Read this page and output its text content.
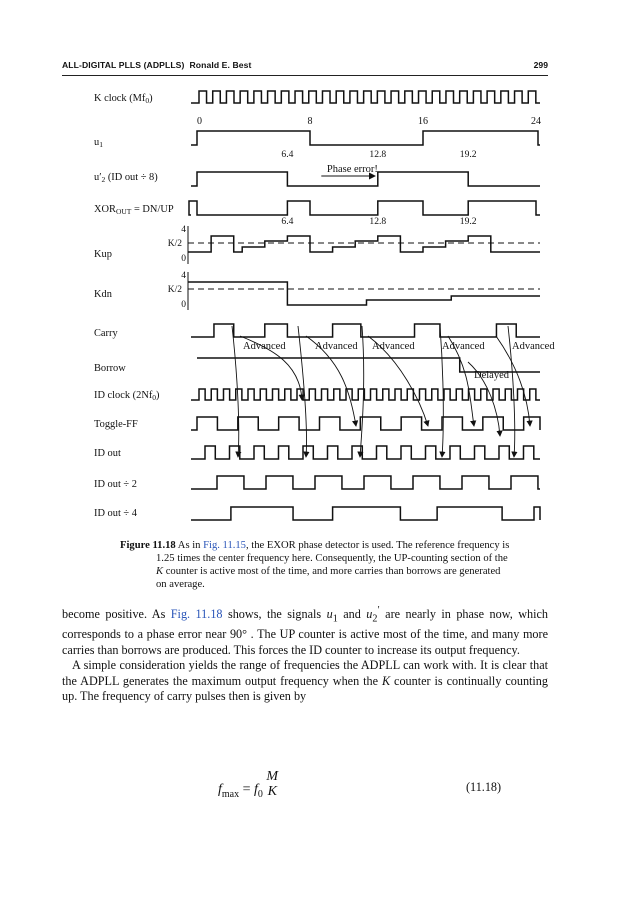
ALL-DIGITAL PLLS (ADPLLS) Ronald E. Best	299
K clock (Mf0)
u1
u′2 (ID out ÷ 8)
XOROUT = DN/UP
Kup
Kdn
Carry
Borrow
ID clock (2Nf0)
Toggle-FF
ID out
ID out ÷ 2
ID out ÷ 4
0	8	16	24
6.4	12.8	19.2
Phase error!
6.4	12.8	19.2
4
K/2
0
4
K/2
0
Advanced	Advanced Advanced	Advanced	Advanced
Delayed
Figure 11.18 As in Fig. 11.15, the EXOR phase detector is used. The reference frequency is
1.25 times the center frequency here. Consequently, the UP-counting section of the
K counter is active most of the time, and more carries than borrows are generated
on average.

become positive. As Fig. 11.18 shows, the signals $u_1$ and $u_2'$ are nearly in phase now, which corresponds to a phase error near 90° . The UP counter is active most of the time, and many more carries than borrows are produced. This forces the ID counter to increase its output frequency.

A simple consideration yields the range of frequencies the ADPLL can work with. It is clear that the ADPLL generates the maximum output frequency when the K counter is continually counting up. The frequency of carry pulses then is given by

$f_{max} = f_0$
M
K	(11.18)
